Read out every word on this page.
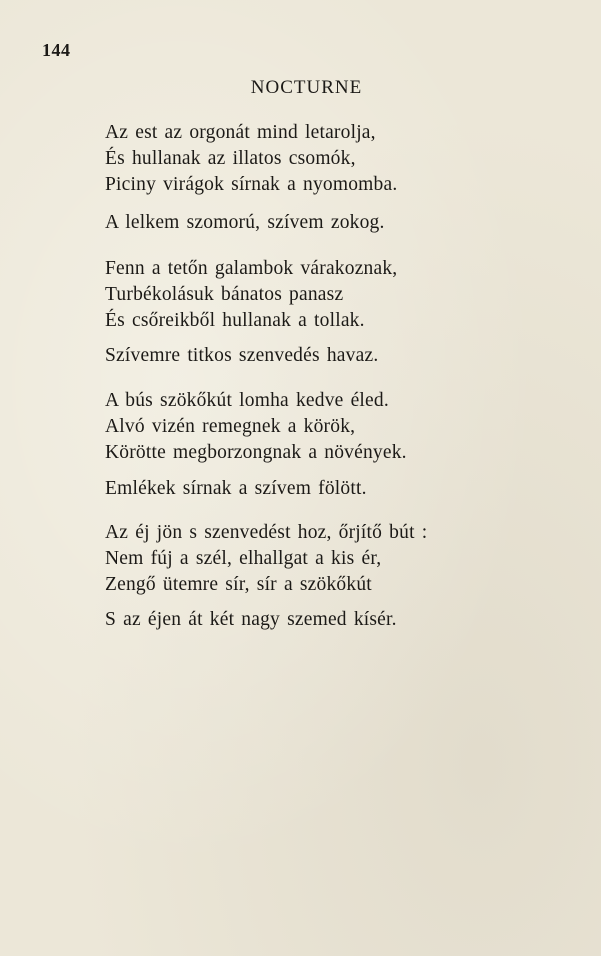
144
NOCTURNE
Az est az orgonát mind letarolja,
És hullanak az illatos csomók,
Piciny virágok sírnak a nyomomba.
A lelkem szomorú, szívem zokog.
Fenn a tetőn galambok várakoznak,
Turbékolásuk bánatos panasz
És csőreikből hullanak a tollak.
Szívemre titkos szenvedés havaz.
A bús szökőkút lomha kedve éled.
Alvó vizén remegnek a körök,
Körötte megborzongnak a növények.
Emlékek sírnak a szívem fölött.
Az éj jön s szenvedést hoz, őrjítő bút :
Nem fúj a szél, elhallgat a kis ér,
Zengő ütemre sír, sír a szökőkút
S az éjen át két nagy szemed kísér.
